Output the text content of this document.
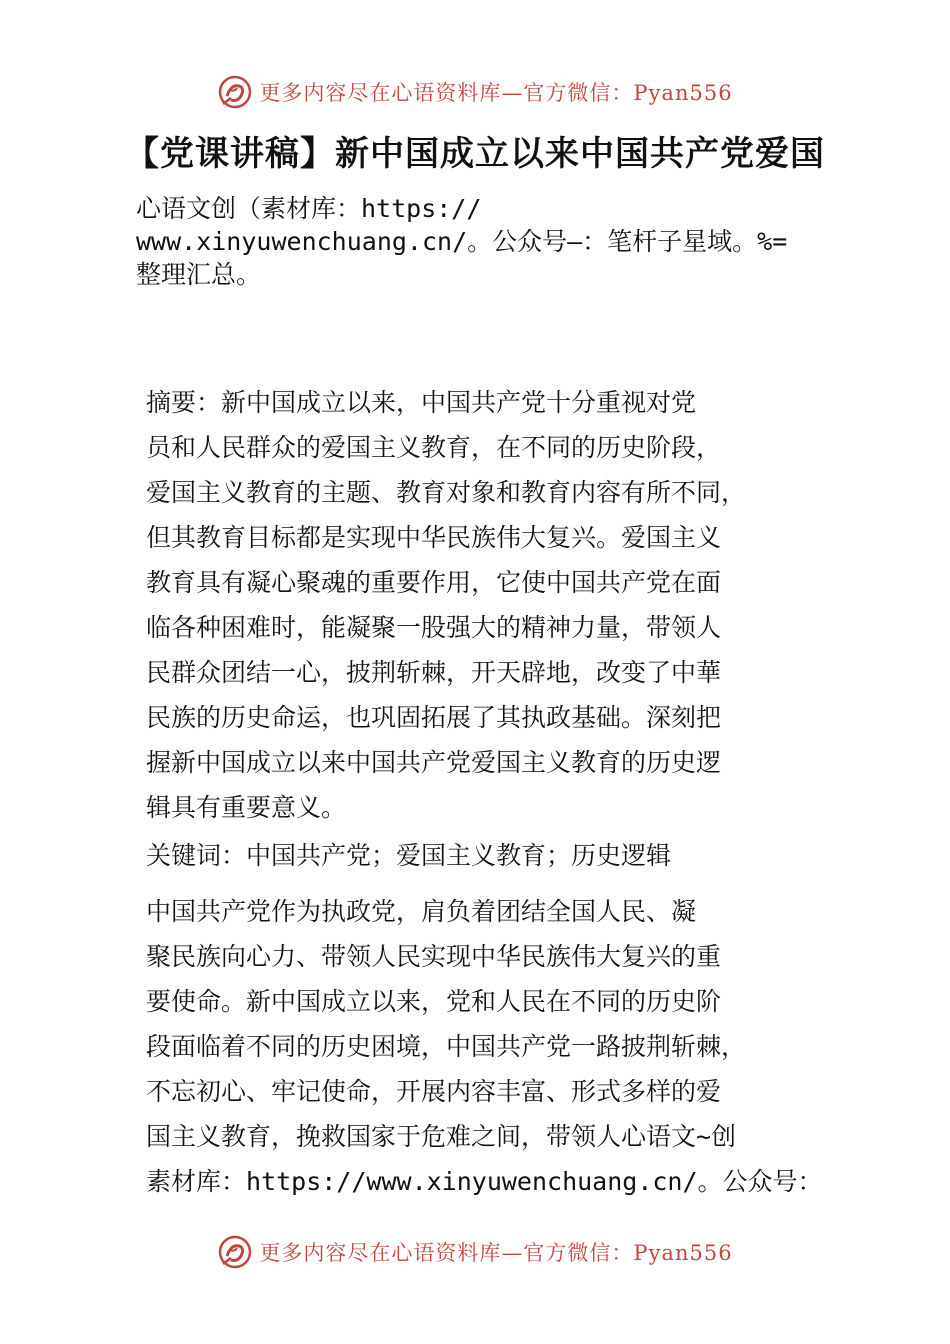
更多内容尽在心语资料库—官方微信：Pyan556
【党课讲稿】新中国成立以来中国共产党爱国
心语文创（素材库：https://
www.xinyuwenchuang.cn/。公众号—：笔杆子星域。%=
整理汇总。
摘要：新中国成立以来，中国共产党十分重视对党
员和人民群众的爱国主义教育，在不同的历史阶段，
爱国主义教育的主题、教育对象和教育内容有所不同，
但其教育目标都是实现中华民族伟大复兴。爱国主义
教育具有凝心聚魂的重要作用，它使中国共产党在面
临各种困难时，能凝聚一股强大的精神力量，带领人
民群众团结一心，披荆斩棘，开天辟地，改变了中華
民族的历史命运，也巩固拓展了其执政基础。深刻把
握新中国成立以来中国共产党爱国主义教育的历史逻
辑具有重要意义。
关键词：中国共产党；爱国主义教育；历史逻辑
中国共产党作为执政党，肩负着团结全国人民、凝
聚民族向心力、带领人民实现中华民族伟大复兴的重
要使命。新中国成立以来，党和人民在不同的历史阶
段面临着不同的历史困境，中国共产党一路披荆斩棘，
不忘初心、牢记使命，开展内容丰富、形式多样的爱
国主义教育，挽救国家于危难之间，带领人心语文~创
素材库：https://www.xinyuwenchuang.cn/。公众号：
更多内容尽在心语资料库—官方微信：Pyan556
